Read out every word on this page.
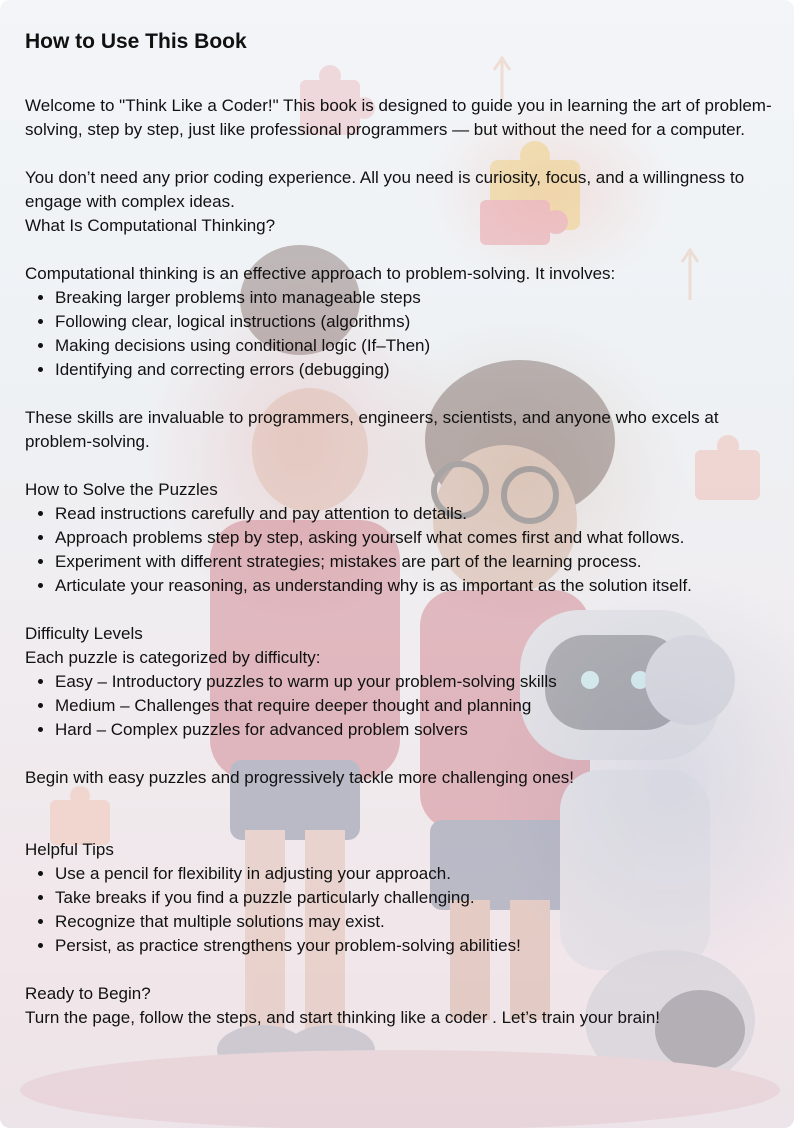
How to Use This Book

Welcome to "Think Like a Coder!" This book is designed to guide you in learning the art of problem-solving, step by step, just like professional programmers — but without the need for a computer.

You don’t need any prior coding experience. All you need is curiosity, focus, and a willingness to engage with complex ideas.

What Is Computational Thinking?

Computational thinking is an effective approach to problem-solving. It involves:

• Breaking larger problems into manageable steps
• Following clear, logical instructions (algorithms)
• Making decisions using conditional logic (If–Then)
• Identifying and correcting errors (debugging)

These skills are invaluable to programmers, engineers, scientists, and anyone who excels at problem-solving.

How to Solve the Puzzles

• Read instructions carefully and pay attention to details.
• Approach problems step by step, asking yourself what comes first and what follows.
• Experiment with different strategies; mistakes are part of the learning process.
• Articulate your reasoning, as understanding why is as important as the solution itself.

Difficulty Levels

Each puzzle is categorized by difficulty:

• Easy – Introductory puzzles to warm up your problem-solving skills
• Medium – Challenges that require deeper thought and planning
• Hard – Complex puzzles for advanced problem solvers

Begin with easy puzzles and progressively tackle more challenging ones!

Helpful Tips

• Use a pencil for flexibility in adjusting your approach.
• Take breaks if you find a puzzle particularly challenging.
• Recognize that multiple solutions may exist.
• Persist, as practice strengthens your problem-solving abilities!

Ready to Begin?

Turn the page, follow the steps, and start thinking like a coder . Let’s train your brain!
